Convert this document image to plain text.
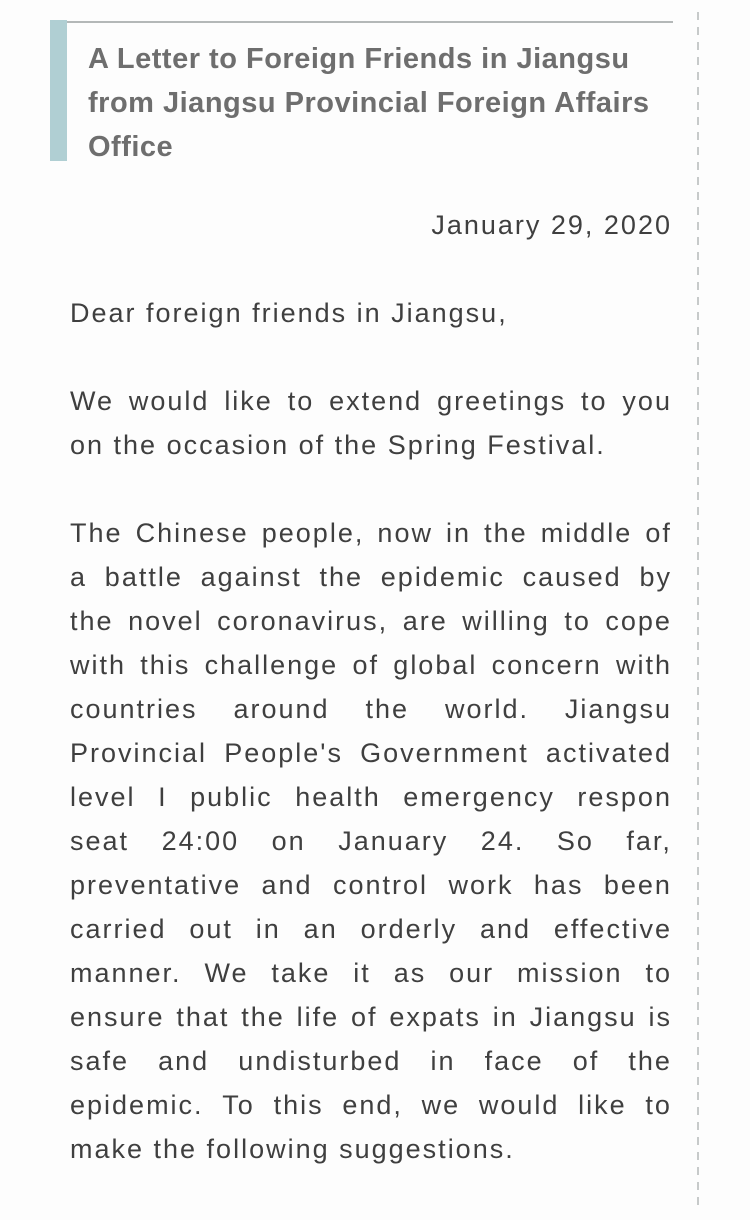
A Letter to Foreign Friends in Jiangsu
from Jiangsu Provincial Foreign Affairs
Office
January 29, 2020
Dear foreign friends in Jiangsu,
We would like to extend greetings to you
on the occasion of the Spring Festival.
The Chinese people, now in the middle of
a battle against the epidemic caused by
the novel coronavirus, are willing to cope
with this challenge of global concern with
countries around the world. Jiangsu
Provincial People's Government activated
level I public health emergency respon
seat 24:00 on January 24. So far,
preventative and control work has been
carried out in an orderly and effective
manner. We take it as our mission to
ensure that the life of expats in Jiangsu is
safe and undisturbed in face of the
epidemic. To this end, we would like to
make the following suggestions.
